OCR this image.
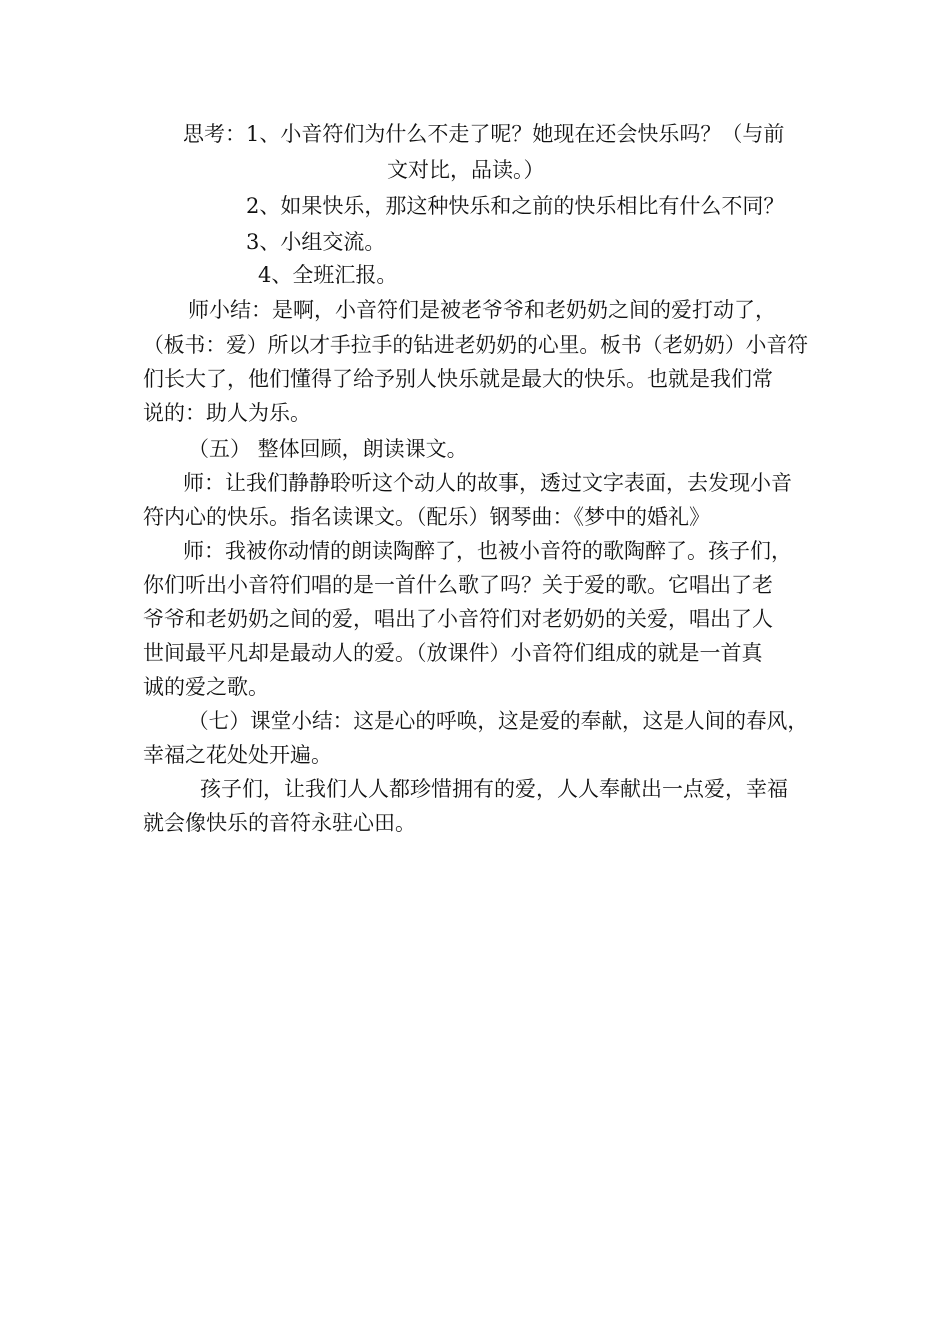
思考：1、小音符们为什么不走了呢？她现在还会快乐吗？（与前
文对比，品读。）
2、如果快乐，那这种快乐和之前的快乐相比有什么不同？
3、小组交流。
4、全班汇报。
师小结：是啊，小音符们是被老爷爷和老奶奶之间的爱打动了，
（板书：爱）所以才手拉手的钻进老奶奶的心里。板书（老奶奶）小音符
们长大了，他们懂得了给予别人快乐就是最大的快乐。也就是我们常
说的：助人为乐。
（五） 整体回顾，朗读课文。
师：让我们静静聆听这个动人的故事，透过文字表面，去发现小音
符内心的快乐。指名读课文。（配乐）钢琴曲：《梦中的婚礼》
师：我被你动情的朗读陶醉了，也被小音符的歌陶醉了。孩子们，
你们听出小音符们唱的是一首什么歌了吗？关于爱的歌。它唱出了老
爷爷和老奶奶之间的爱，唱出了小音符们对老奶奶的关爱，唱出了人
世间最平凡却是最动人的爱。（放课件）小音符们组成的就是一首真
诚的爱之歌。
（七）课堂小结：这是心的呼唤，这是爱的奉献，这是人间的春风，
幸福之花处处开遍。
孩子们，让我们人人都珍惜拥有的爱，人人奉献出一点爱，幸福
就会像快乐的音符永驻心田。
